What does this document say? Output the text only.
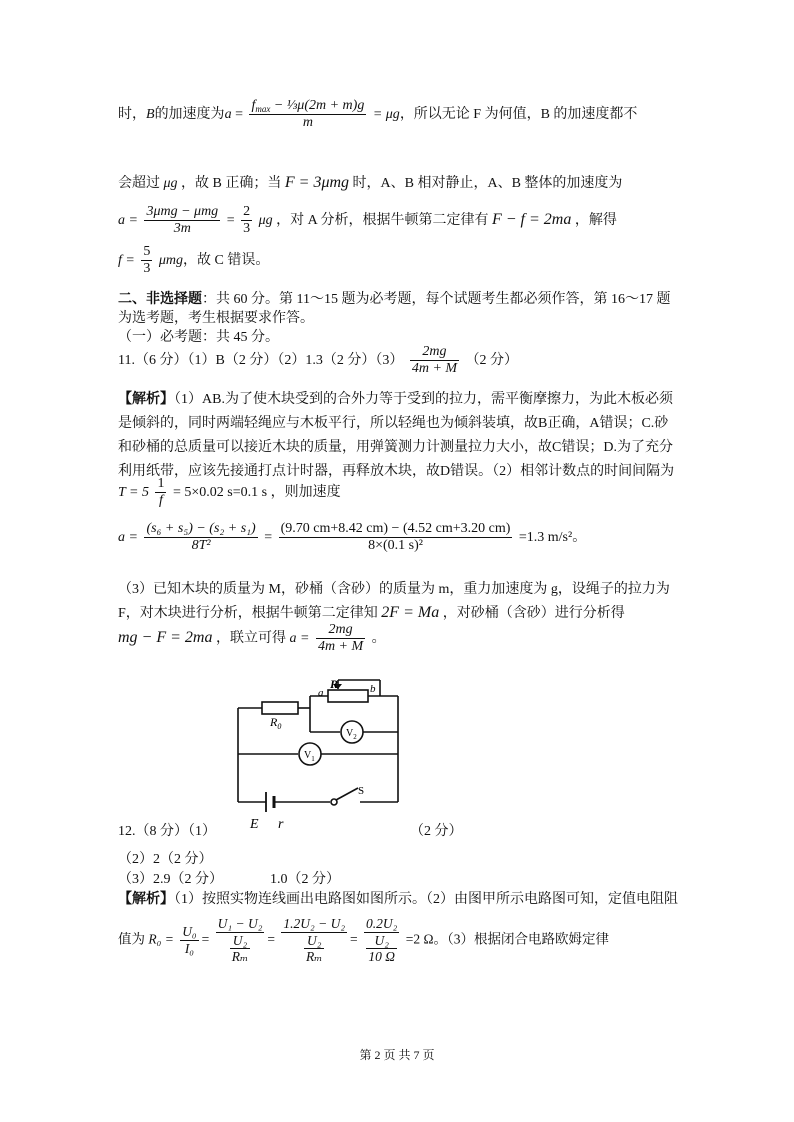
时，B的加速度为$a = \frac{f_{max} - \frac{1}{3}\mu(2m + m)g}{m} = \mu g$，所以无论 F 为何值，B 的加速度都不
会超过 μg ，故 B 正确；当 F = 3μmg 时，A、B 相对静止，A、B 整体的加速度为
$a = \frac{\text{3μmg − μmg}}{3m} = \frac{2}{3}$ μg ，对 A 分析，根据牛顿第二定律有 F − f = 2ma ，解得
$f = \frac{5}{3}$ μmg，故 C 错误。
二、非选择题：共 60 分。第 11～15 题为必考题，每个试题考生都必须作答，第 16～17 题
为选考题，考生根据要求作答。
（一）必考题：共 45 分。
11.（6 分）（1）B（2 分）（2）1.3（2 分）$(3) \frac{2mg}{4m + M} (2$ 分）
【解析】（1）AB.为了使木块受到的合外力等于受到的拉力，需平衡摩擦力，为此木板必须
是倾斜的，同时两端轻绳应与木板平行，所以轻绳也为倾斜装填，故B正确，A错误；C.砂
和砂桶的总质量可以接近木块的质量，用弹簧测力计测量拉力大小，故C错误；D.为了充分
利用纸带，应该先接通打点计时器，再释放木块，故D错误。（2）相邻计数点的时间间隔为
$T = 5 \frac{1}{f} = 5\times 0.02$ s=0.1 s ，则加速度
$a = \frac{\text{(s₆ + s₅) − (s₂ + s₁)}}{\text{8T²}} = \frac{(9.70 cm+8.42 cm) - (4.52 cm+3.20 cm)}{\text{8×(0.1 s)²}} =1.3$ m/s²。
（3）已知木块的质量为 M，砂桶（含砂）的质量为 m，重力加速度为 g，设绳子的拉力为
F，对木块进行分析，根据牛顿第二定律知 2F = Ma ，对砂桶（含砂）进行分析得
mg − F = 2ma ，联立可得 $a = \frac{2mg}{4m + M}$ 。
$R_0$
R
a	b
$V_1$
$V_2$
S
E r
12.（8 分）（1）	（2 分）
（2）2（2 分）
（3）2.9（2 分）	1.0（2 分）
【解析】（1）按照实物连线画出电路图如图所示。（2）由图甲所示电路图可知，定值电阻阻
值为 $R_0 = \frac{\text{U₀}}{\text{I₀}} = \frac{\text{U₁ − U₂}}{\frac{\text{U₂}}{\text{Rₘ}}} = \frac{\text{1.2U₂ − U₂}}{\frac{\text{U₂}}{\text{Rₘ}}} = \frac{\text{0.2U₂}}{\frac{\text{U₂}}{10 \Omega}} =2$ Ω。（3）根据闭合电路欧姆定律
第 2 页 共 7 页
